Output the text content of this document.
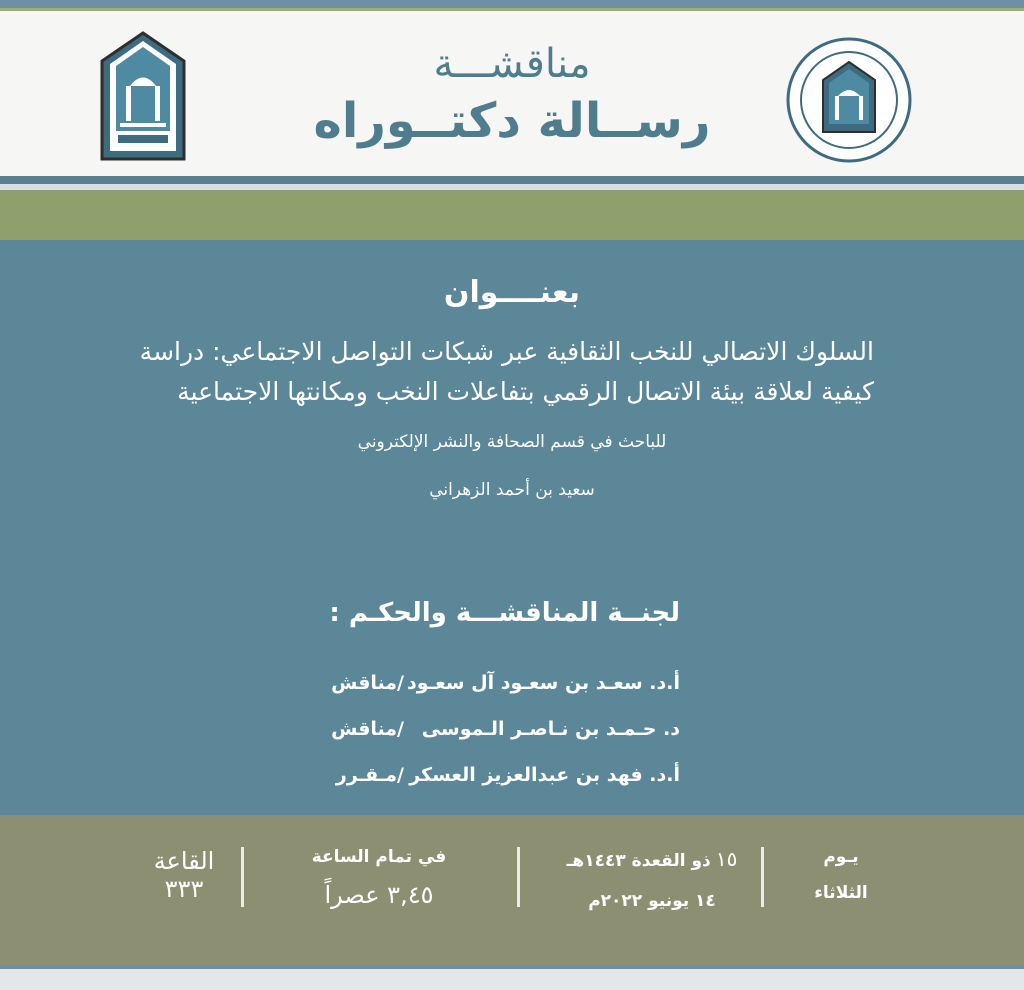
مناقشـــة
رســالة دكتــوراه
بعنــــوان
السلوك الاتصالي للنخب الثقافية عبر شبكات التواصل الاجتماعي: دراسة
كيفية لعلاقة بيئة الاتصال الرقمي بتفاعلات النخب ومكانتها الاجتماعية
للباحث في قسم الصحافة والنشر الإلكتروني
سعيد بن أحمد الزهراني
لجنــة المناقشـــة والحكـم :
أ.د. سعـد بن سعـود آل سعـود
/مناقش
د. حـمـد بن نـاصـر الـموسى
/مناقش
أ.د. فهد بن عبدالعزيز العسكر
/مـقـرر
يـوم
الثلاثاء
١٥ ذو القعدة ١٤٤٣هـ
١٤ يونيو ٢٠٢٢م
في تمام الساعة
٣,٤٥ عصراً
القاعة
٣٣٣
